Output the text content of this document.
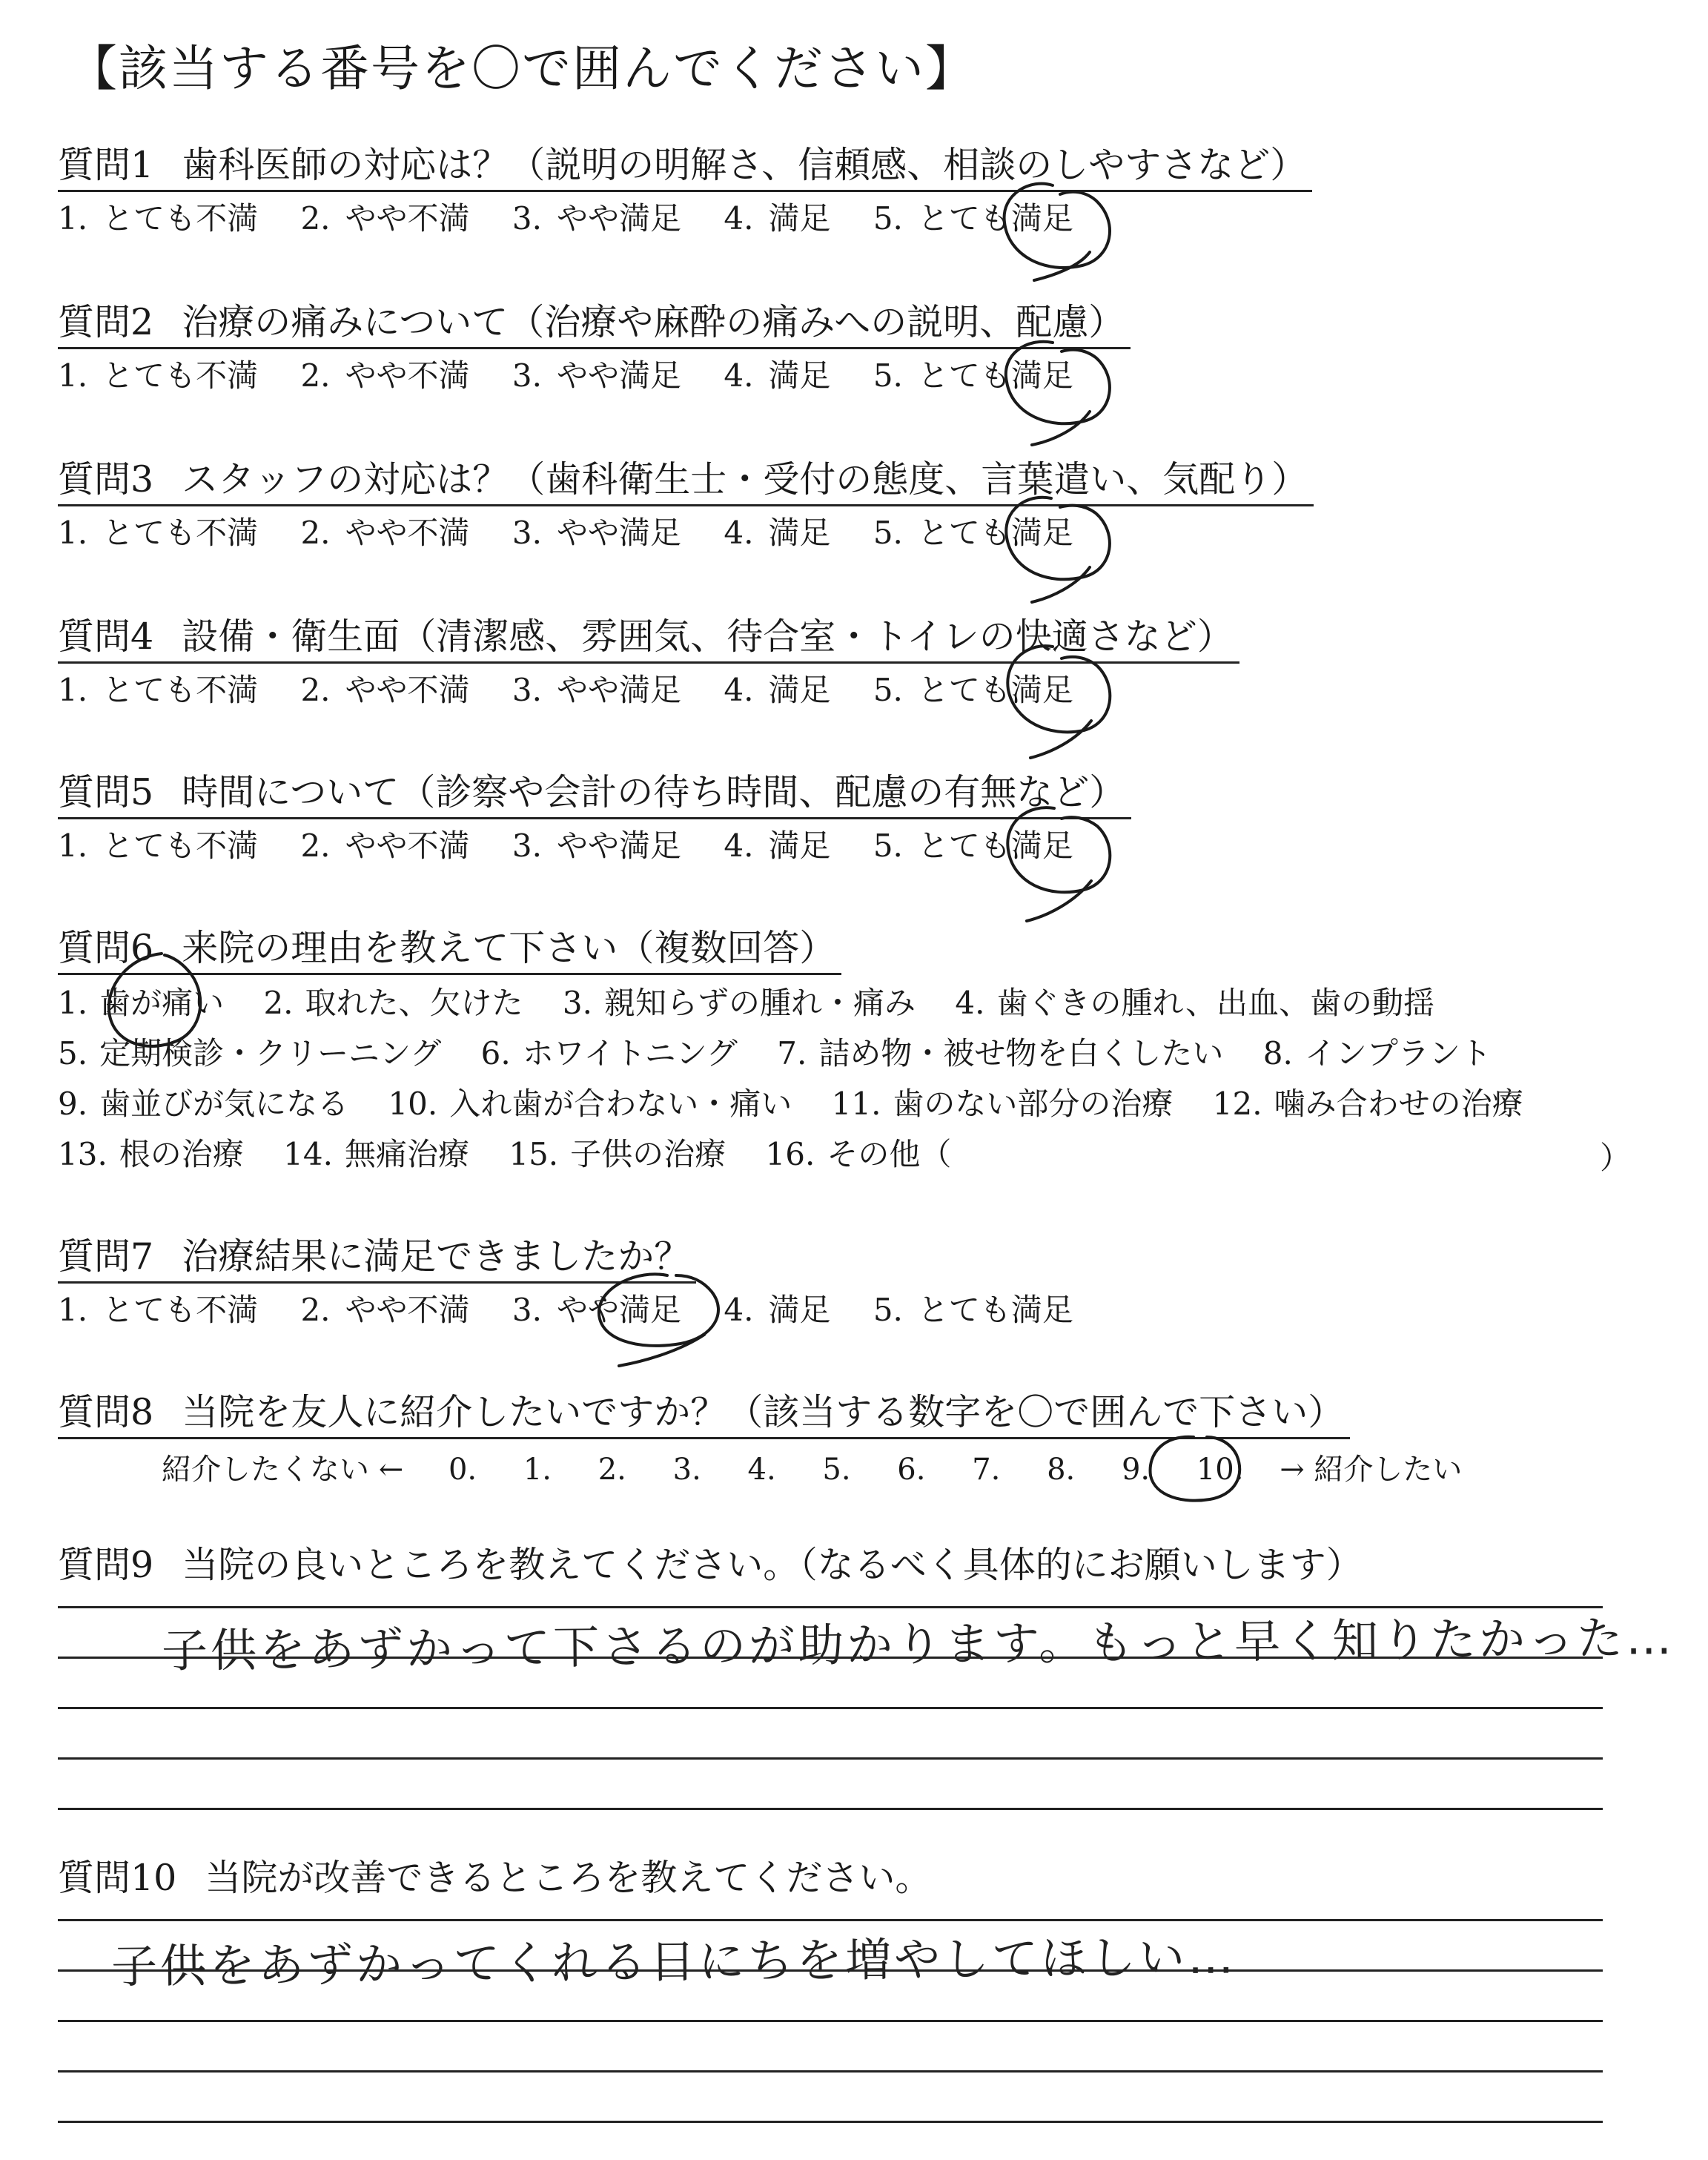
【該当する番号を〇で囲んでください】
質問1 歯科医師の対応は？（説明の明解さ、信頼感、相談のしやすさなど）
1. とても不満 2. やや不満 3. やや満足 4. 満足 5. とても満足
質問2 治療の痛みについて（治療や麻酔の痛みへの説明、配慮）
1. とても不満 2. やや不満 3. やや満足 4. 満足 5. とても満足
質問3 スタッフの対応は？（歯科衛生士・受付の態度、言葉遣い、気配り）
1. とても不満 2. やや不満 3. やや満足 4. 満足 5. とても満足
質問4 設備・衛生面（清潔感、雰囲気、待合室・トイレの快適さなど）
1. とても不満 2. やや不満 3. やや満足 4. 満足 5. とても満足
質問5 時間について（診察や会計の待ち時間、配慮の有無など）
1. とても不満 2. やや不満 3. やや満足 4. 満足 5. とても満足
質問6 来院の理由を教えて下さい（複数回答）
1. 歯が痛い 2. 取れた、欠けた 3. 親知らずの腫れ・痛み 4. 歯ぐきの腫れ、出血、歯の動揺
5. 定期検診・クリーニング 6. ホワイトニング 7. 詰め物・被せ物を白くしたい 8. インプラント
9. 歯並びが気になる 10. 入れ歯が合わない・痛い 11. 歯のない部分の治療 12. 噛み合わせの治療
13. 根の治療 14. 無痛治療 15. 子供の治療 16. その他（	）
質問7 治療結果に満足できましたか？
1. とても不満 2. やや不満 3. やや満足 4. 満足 5. とても満足
質問8 当院を友人に紹介したいですか？（該当する数字を〇で囲んで下さい）
紹介したくない ← 0. 1. 2. 3. 4. 5. 6. 7. 8. 9. 10. → 紹介したい
質問9 当院の良いところを教えてください。（なるべく具体的にお願いします）
子供をあずかって下さるのが助かります。もっと早く知りたかった…
質問10 当院が改善できるところを教えてください。
子供をあずかってくれる日にちを増やしてほしい…
